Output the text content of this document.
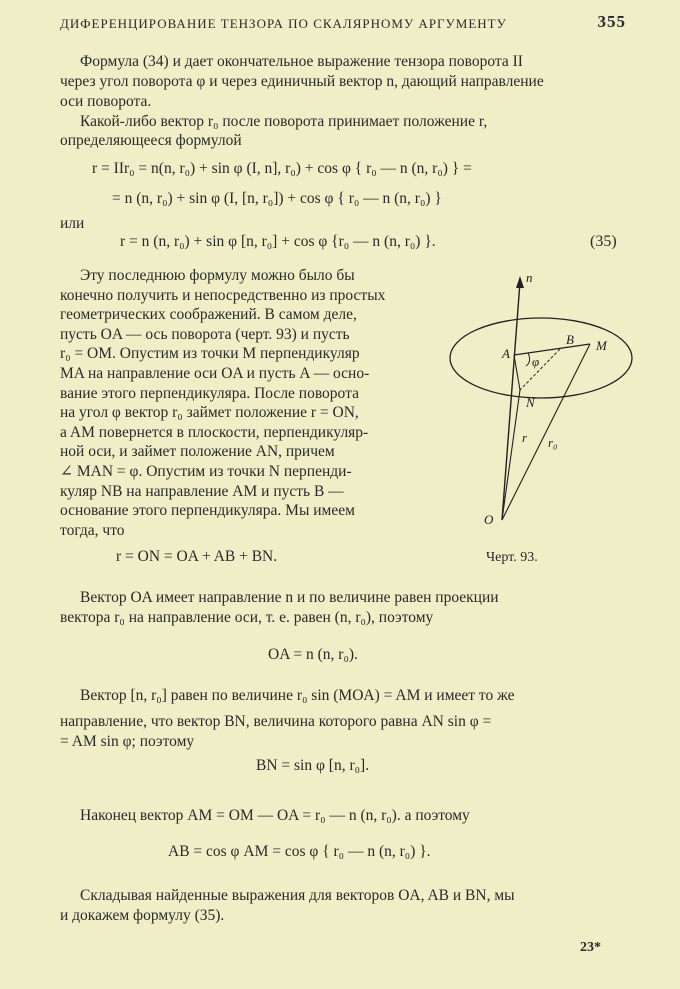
ДИФЕРЕНЦИРОВАНИЕ ТЕНЗОРА ПО СКАЛЯРНОМУ АРГУМЕНТУ	355
Формула (34) и дает окончательное выражение тензора поворота II
через угол поворота φ и через единичный вектор n, дающий направление
оси поворота.
Какой-либо вектор r₀ после поворота принимает положение r,
определяющееся формулой
r = IIr₀ = n(n, r₀) + sin φ (I, n], r₀) + cos φ { r₀ — n (n, r₀) } =
= n (n, r₀) + sin φ (I, [n, r₀]) + cos φ { r₀ — n (n, r₀) }
или
r = n (n, r₀) + sin φ [n, r₀] + cos φ {r₀ — n (n, r₀) }.	(35)
Эту последнюю формулу можно было бы
конечно получить и непосредственно из простых
геометрических соображений. В самом деле,
пусть OA — ось поворота (черт. 93) и пусть
r₀ = OM. Опустим из точки M перпендикуляр
MA на направление оси OA и пусть A — осно-
вание этого перпендикуляра. После поворота
на угол φ вектор r₀ займет положение r = ON,
a AM повернется в плоскости, перпендикуляр-
ной оси, и займет положение AN, причем
∠ MAN = φ. Опустим из точки N перпенди-
куляр NB на направление AM и пусть B —
основание этого перпендикуляра. Мы имеем
тогда, что
n
A
B M
φ
N
r r₀
O
r = ON = OA + AB + BN.	Черт. 93.
Вектор OA имеет направление n и по величине равен проекции
вектора r₀ на направление оси, т. е. равен (n, r₀), поэтому
OA = n (n, r₀).
Вектор [n, r₀] равен по величине r₀ sin (MOA) = AM и имеет то же
направление, что вектор BN, величина которого равна AN sin φ =
= AM sin φ; поэтому
BN = sin φ [n, r₀].
Наконец вектор AM = OM — OA = r₀ — n (n, r₀). а поэтому
AB = cos φ AM = cos φ { r₀ — n (n, r₀) }.
Складывая найденные выражения для векторов OA, AB и BN, мы
и докажем формулу (35).
23*
